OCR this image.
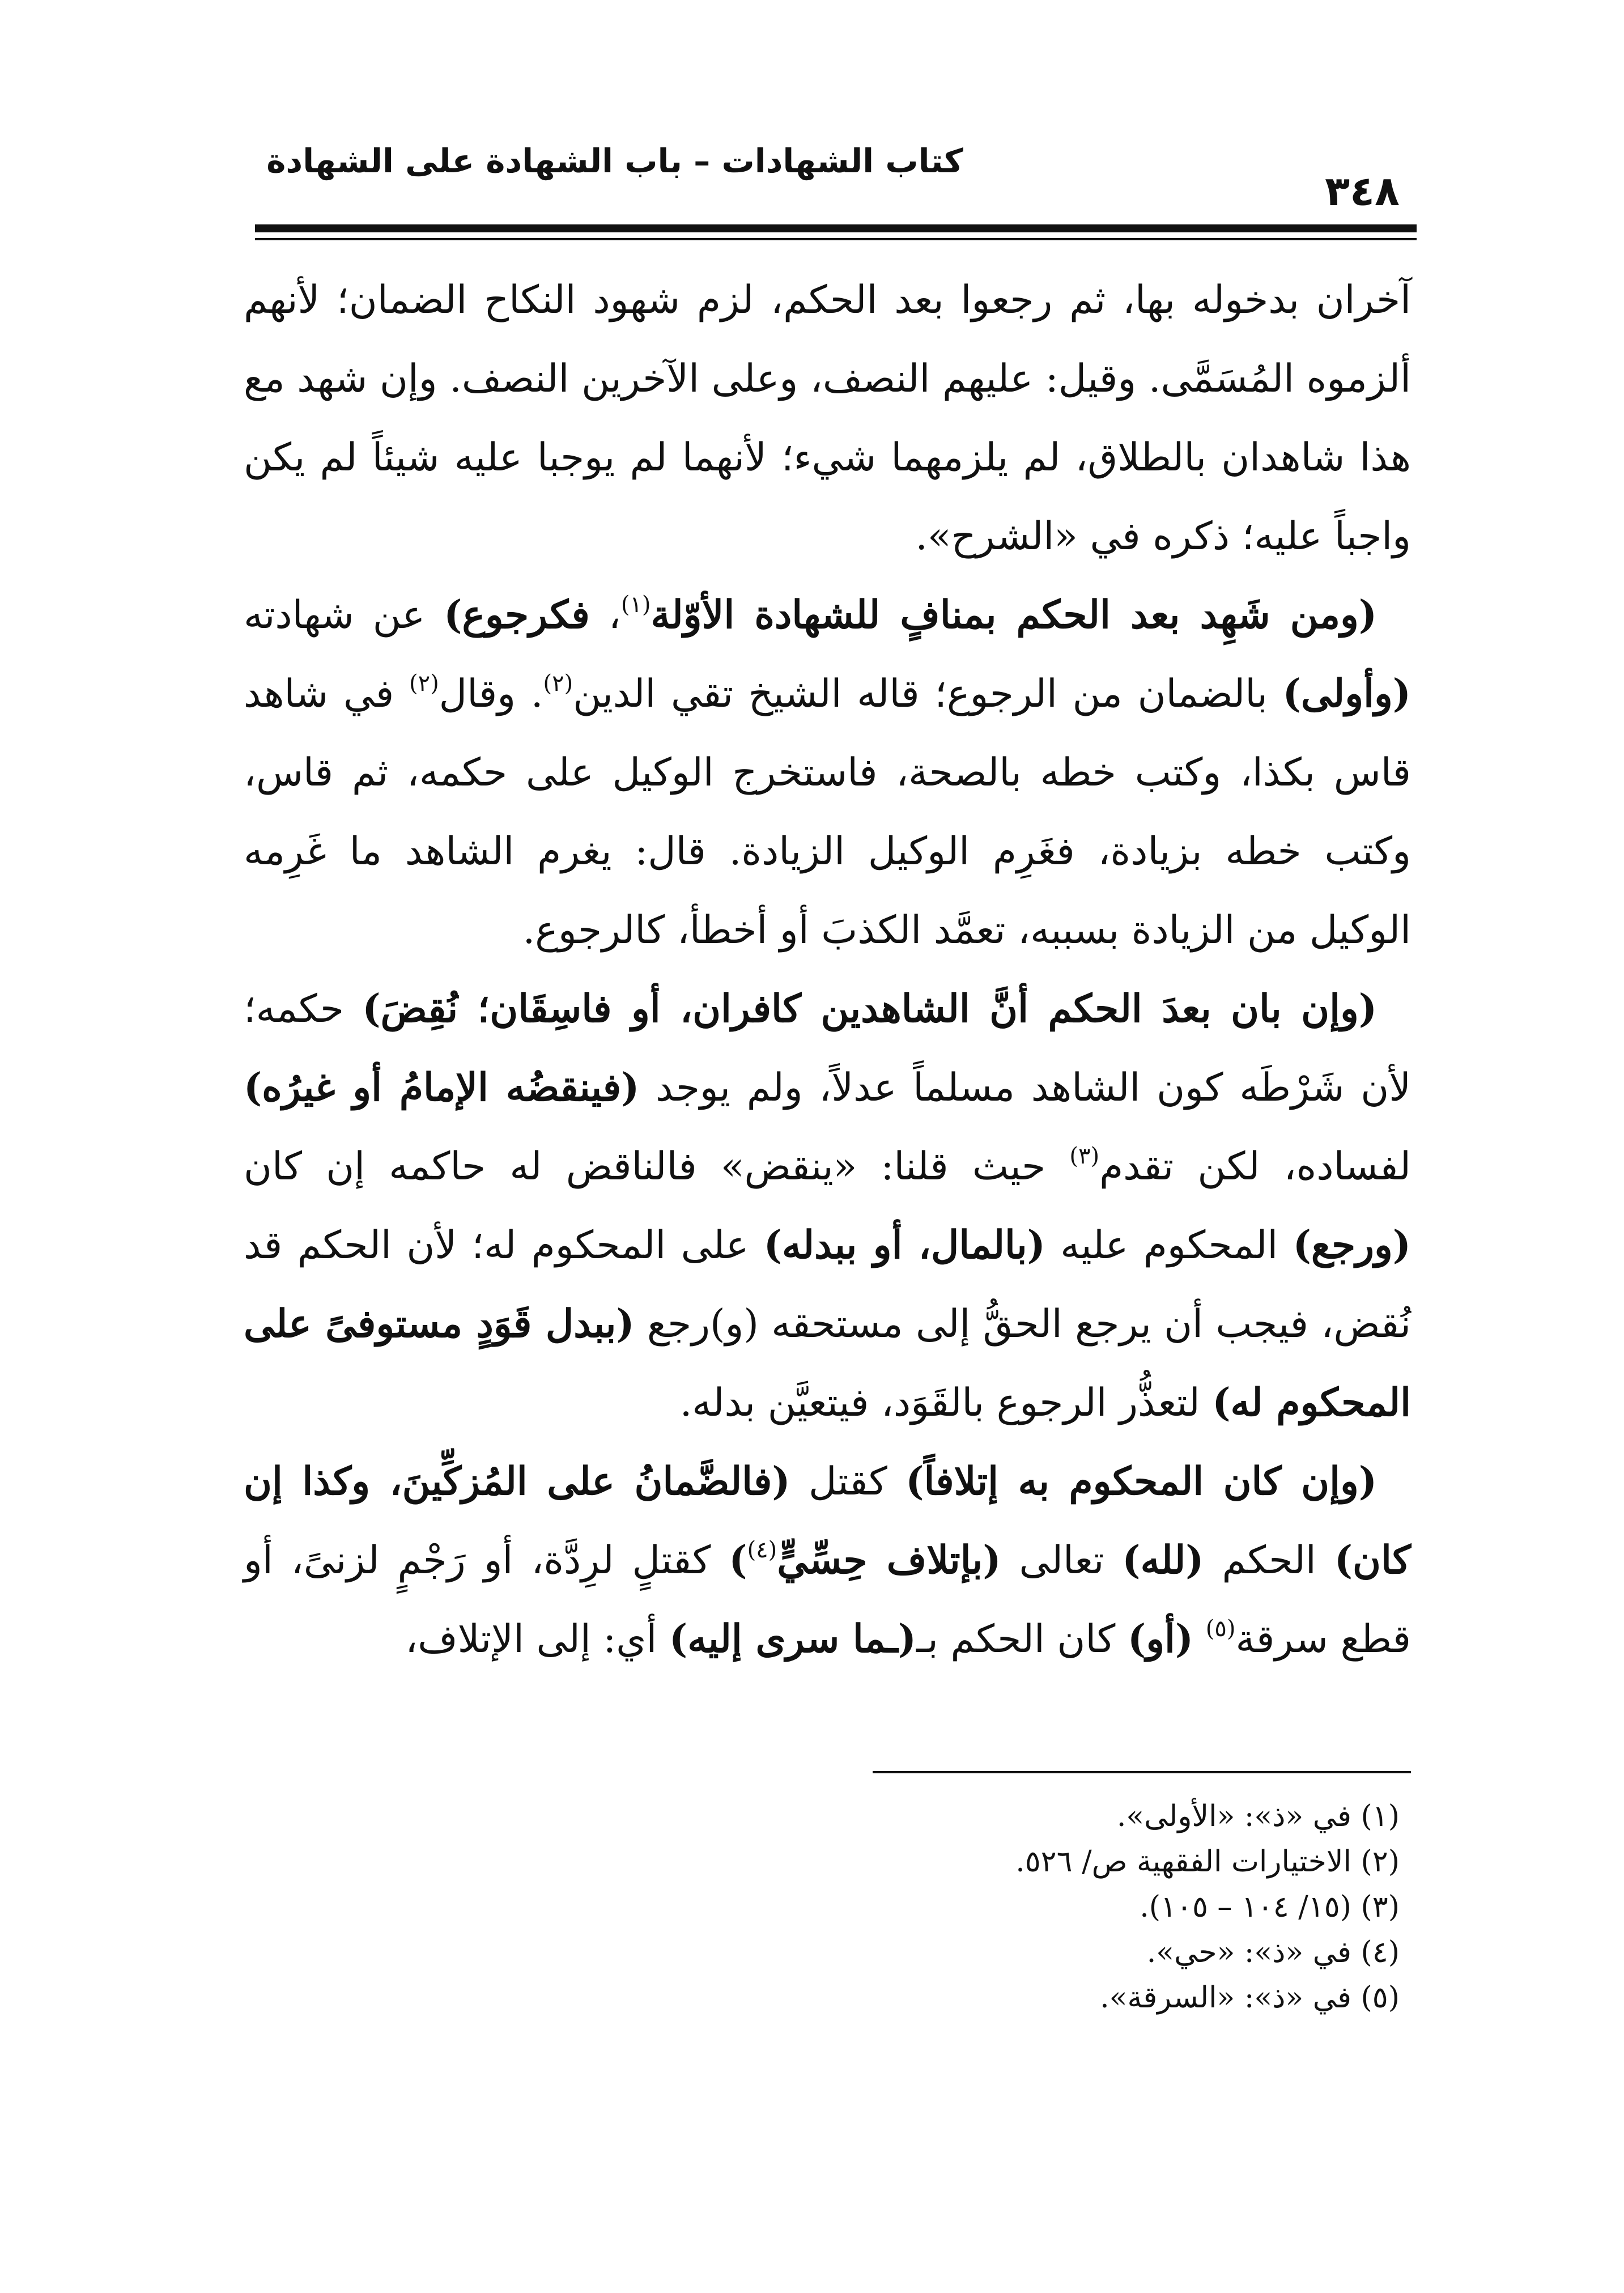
كتاب الشهادات – باب الشهادة على الشهادة
٣٤٨

آخران بدخوله بها، ثم رجعوا بعد الحكم، لزم شهود النكاح الضمان؛ لأنهم ألزموه المُسَمَّى. وقيل: عليهم النصف، وعلى الآخرين النصف. وإن شهد مع هذا شاهدان بالطلاق، لم يلزمهما شيء؛ لأنهما لم يوجبا عليه شيئاً لم يكن واجباً عليه؛ ذكره في «الشرح».

(ومن شَهِد بعد الحكم بمنافٍ للشهادة الأوّلة$^{(١)}$، فكرجوع) عن شهادته (وأولى) بالضمان من الرجوع؛ قاله الشيخ تقي الدين$^{(٢)}$. وقال$^{(٢)}$ في شاهد قاس بكذا، وكتب خطه بالصحة، فاستخرج الوكيل على حكمه، ثم قاس، وكتب خطه بزيادة، فغَرِم الوكيل الزيادة. قال: يغرم الشاهد ما غَرِمه الوكيل من الزيادة بسببه، تعمَّد الكذبَ أو أخطأ، كالرجوع.

(وإن بان بعدَ الحكم أنَّ الشاهدين كافران، أو فاسِقَان؛ نُقِضَ) حكمه؛ لأن شَرْطَه كون الشاهد مسلماً عدلاً، ولم يوجد (فينقضُه الإمامُ أو غيرُه) لفساده، لكن تقدم$^{(٣)}$ حيث قلنا: «ينقض» فالناقض له حاكمه إن كان (ورجع) المحكوم عليه (بالمال، أو ببدله) على المحكوم له؛ لأن الحكم قد نُقض، فيجب أن يرجع الحقُّ إلى مستحقه (و)رجع (ببدل قَوَدٍ مستوفىً على المحكوم له) لتعذُّر الرجوع بالقَوَد، فيتعيَّن بدله.

(وإن كان المحكوم به إتلافاً) كقتل (فالضَّمانُ على المُزكِّينَ، وكذا إن كان) الحكم (لله) تعالى (بإتلاف حِسِّيٍّ$^{(٤)}$) كقتلٍ لرِدَّة، أو رَجْمٍ لزنىً، أو قطع سرقة$^{(٥)}$ (أو) كان الحكم بـ(ـما سرى إليه) أي: إلى الإتلاف،

(١) في «ذ»: «الأولى».
(٢) الاختيارات الفقهية ص/ ٥٢٦.
(٣) (١٥/ ١٠٤ – ١٠٥).
(٤) في «ذ»: «حي».
(٥) في «ذ»: «السرقة».
